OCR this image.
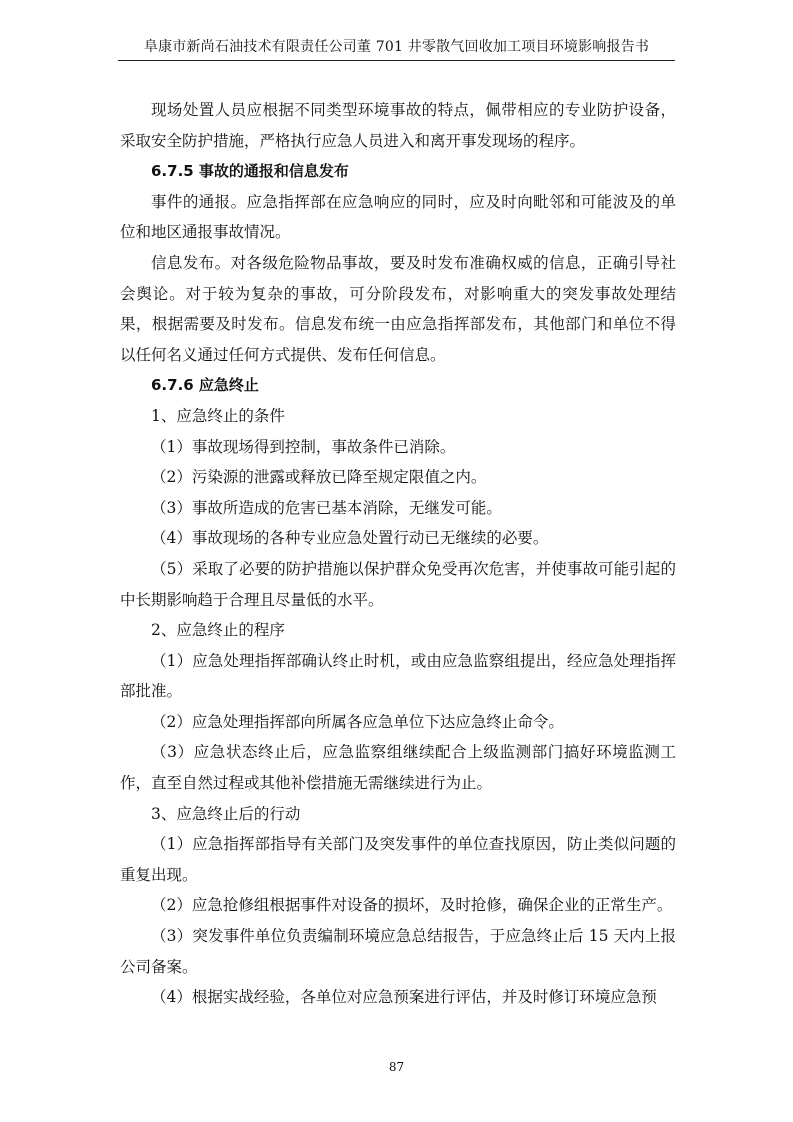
阜康市新尚石油技术有限责任公司董 701 井零散气回收加工项目环境影响报告书

现场处置人员应根据不同类型环境事故的特点，佩带相应的专业防护设备，采取安全防护措施，严格执行应急人员进入和离开事发现场的程序。

6.7.5 事故的通报和信息发布

事件的通报。应急指挥部在应急响应的同时，应及时向毗邻和可能波及的单位和地区通报事故情况。

信息发布。对各级危险物品事故，要及时发布准确权威的信息，正确引导社会舆论。对于较为复杂的事故，可分阶段发布，对影响重大的突发事故处理结果，根据需要及时发布。信息发布统一由应急指挥部发布，其他部门和单位不得以任何名义通过任何方式提供、发布任何信息。

6.7.6 应急终止

1、应急终止的条件

（1）事故现场得到控制，事故条件已消除。

（2）污染源的泄露或释放已降至规定限值之内。

（3）事故所造成的危害已基本消除，无继发可能。

（4）事故现场的各种专业应急处置行动已无继续的必要。

（5）采取了必要的防护措施以保护群众免受再次危害，并使事故可能引起的中长期影响趋于合理且尽量低的水平。

2、应急终止的程序

（1）应急处理指挥部确认终止时机，或由应急监察组提出，经应急处理指挥部批准。

（2）应急处理指挥部向所属各应急单位下达应急终止命令。

（3）应急状态终止后，应急监察组继续配合上级监测部门搞好环境监测工作，直至自然过程或其他补偿措施无需继续进行为止。

3、应急终止后的行动

（1）应急指挥部指导有关部门及突发事件的单位查找原因，防止类似问题的重复出现。

（2）应急抢修组根据事件对设备的损坏，及时抢修，确保企业的正常生产。

（3）突发事件单位负责编制环境应急总结报告，于应急终止后 15 天内上报公司备案。

（4）根据实战经验，各单位对应急预案进行评估，并及时修订环境应急预

87
